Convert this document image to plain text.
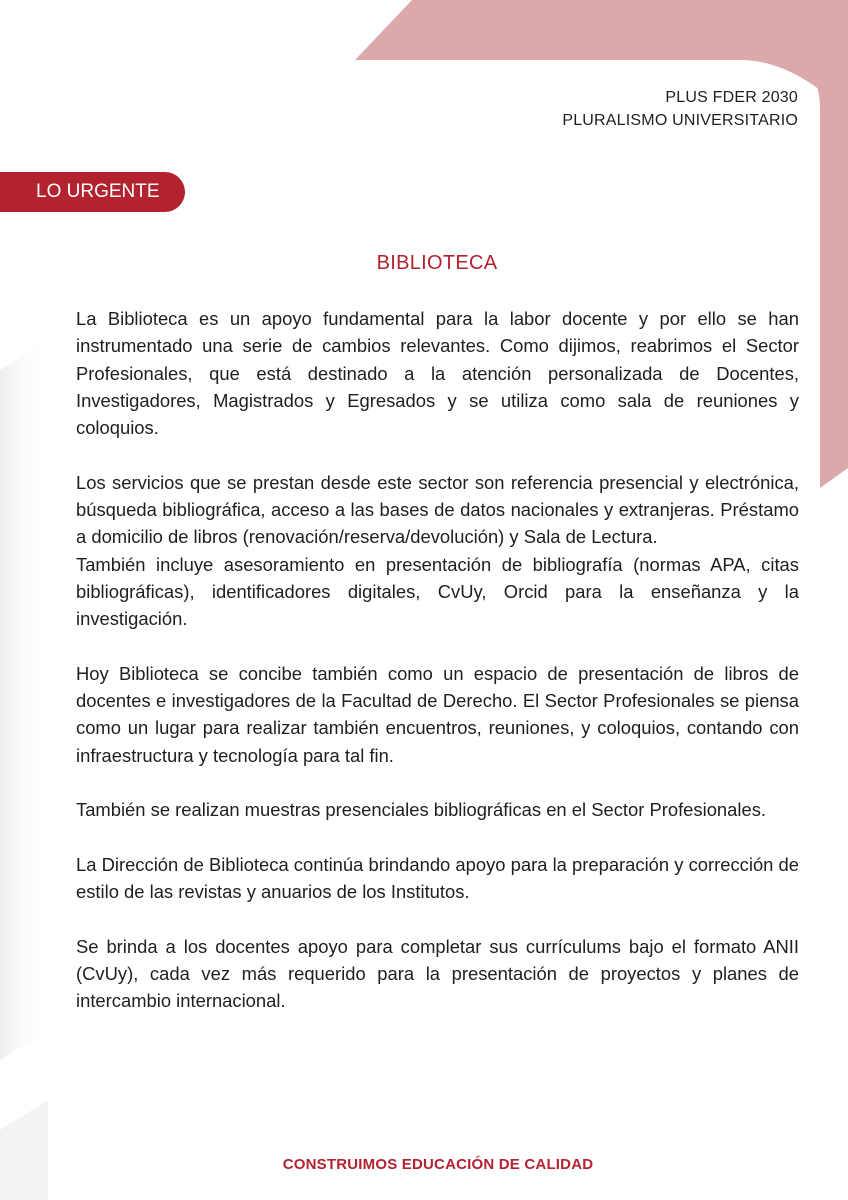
PLUS FDER 2030
PLURALISMO UNIVERSITARIO
LO URGENTE
BIBLIOTECA

La Biblioteca es un apoyo fundamental para la labor docente y por ello se han instrumentado una serie de cambios relevantes. Como dijimos, reabrimos el Sector Profesionales, que está destinado a la atención personalizada de Docentes, Investigadores, Magistrados y Egresados y se utiliza como sala de reuniones y coloquios.

Los servicios que se prestan desde este sector son referencia presencial y electrónica, búsqueda bibliográfica, acceso a las bases de datos nacionales y extranjeras. Préstamo a domicilio de libros (renovación/reserva/devolución) y Sala de Lectura.

También incluye asesoramiento en presentación de bibliografía (normas APA, citas bibliográficas), identificadores digitales, CvUy, Orcid para la enseñanza y la investigación.

Hoy Biblioteca se concibe también como un espacio de presentación de libros de docentes e investigadores de la Facultad de Derecho. El Sector Profesionales se piensa como un lugar para realizar también encuentros, reuniones, y coloquios, contando con infraestructura y tecnología para tal fin.

También se realizan muestras presenciales bibliográficas en el Sector Profesionales.

La Dirección de Biblioteca continúa brindando apoyo para la preparación y corrección de estilo de las revistas y anuarios de los Institutos.

Se brinda a los docentes apoyo para completar sus currículums bajo el formato ANII (CvUy), cada vez más requerido para la presentación de proyectos y planes de intercambio internacional.

CONSTRUIMOS EDUCACIÓN DE CALIDAD
